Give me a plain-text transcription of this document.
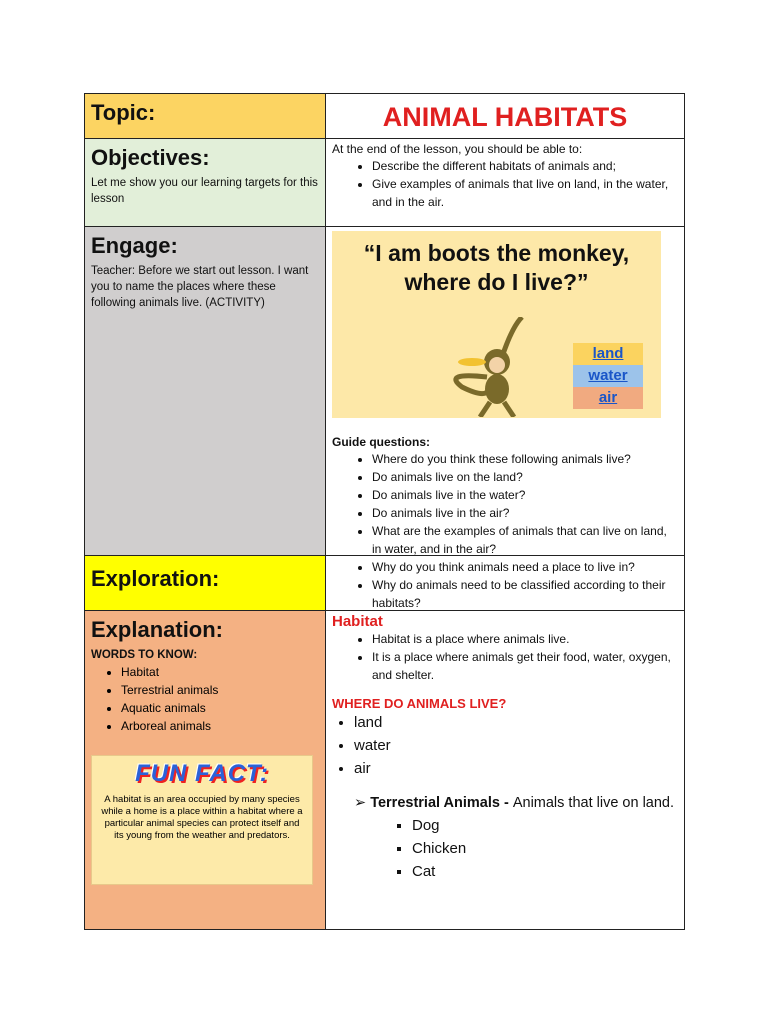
Topic:	ANIMAL HABITATS
Objectives:
Let me show you our learning targets for this lesson
At the end of the lesson, you should be able to:
• Describe the different habitats of animals and;
• Give examples of animals that live on land, in the water, and in the air.
Engage:
Teacher: Before we start out lesson. I want you to name the places where these following animals live. (ACTIVITY)
“I am boots the monkey, where do I live?”
land
water
air
Guide questions:
• Where do you think these following animals live?
• Do animals live on the land?
• Do animals live in the water?
• Do animals live in the air?
• What are the examples of animals that can live on land, in water, and in the air?
Exploration:	• Why do you think animals need a place to live in?
• Why do animals need to be classified according to their habitats?
Explanation:
WORDS TO KNOW:
• Habitat
• Terrestrial animals
• Aquatic animals
• Arboreal animals
FUN FACT:
A habitat is an area occupied by many species while a home is a place within a habitat where a particular animal species can protect itself and its young from the weather and predators.
Habitat
• Habitat is a place where animals live.
• It is a place where animals get their food, water, oxygen, and shelter.
WHERE DO ANIMALS LIVE?
• land
• water
• air
➢ Terrestrial Animals - Animals that live on land.
▪ Dog
▪ Chicken
▪ Cat
